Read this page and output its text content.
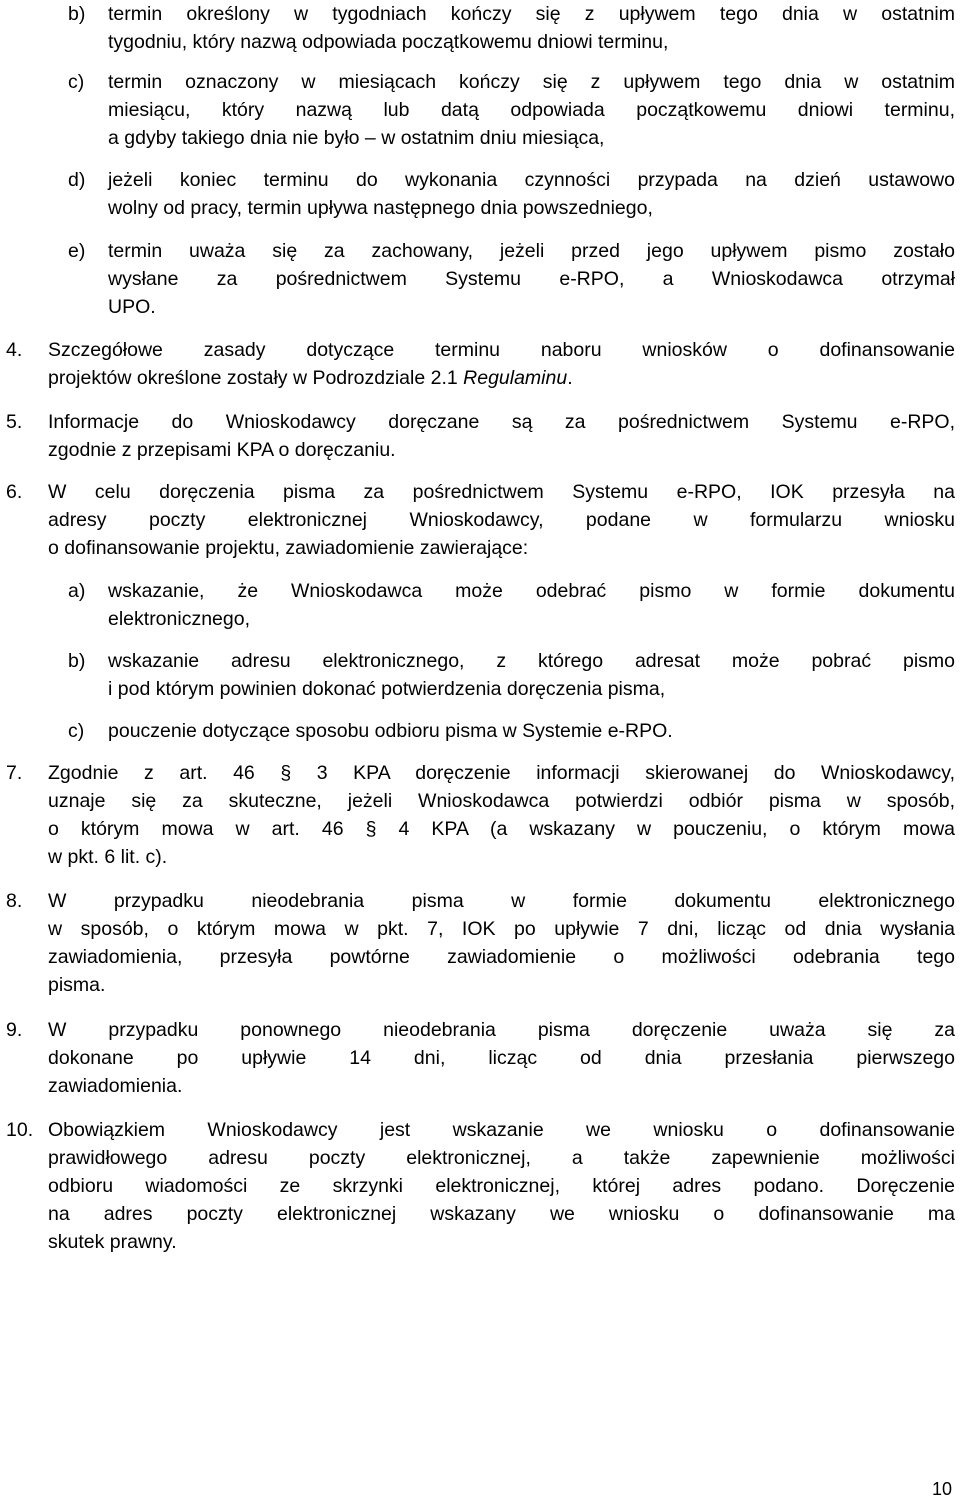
b) termin określony w tygodniach kończy się z upływem tego dnia w ostatnim
tygodniu, który nazwą odpowiada początkowemu dniowi terminu,
c) termin oznaczony w miesiącach kończy się z upływem tego dnia w ostatnim
miesiącu, który nazwą lub datą odpowiada początkowemu dniowi terminu,
a gdyby takiego dnia nie było – w ostatnim dniu miesiąca,
d) jeżeli koniec terminu do wykonania czynności przypada na dzień ustawowo
wolny od pracy, termin upływa następnego dnia powszedniego,
e) termin uważa się za zachowany, jeżeli przed jego upływem pismo zostało
wysłane za pośrednictwem Systemu e-RPO, a Wnioskodawca otrzymał
UPO.
4. Szczegółowe zasady dotyczące terminu naboru wniosków o dofinansowanie
projektów określone zostały w Podrozdziale 2.1 Regulaminu.
5. Informacje do Wnioskodawcy doręczane są za pośrednictwem Systemu e-RPO,
zgodnie z przepisami KPA o doręczaniu.
6. W celu doręczenia pisma za pośrednictwem Systemu e-RPO, IOK przesyła na
adresy poczty elektronicznej Wnioskodawcy, podane w formularzu wniosku
o dofinansowanie projektu, zawiadomienie zawierające:
a) wskazanie, że Wnioskodawca może odebrać pismo w formie dokumentu
elektronicznego,
b) wskazanie adresu elektronicznego, z którego adresat może pobrać pismo
i pod którym powinien dokonać potwierdzenia doręczenia pisma,
c) pouczenie dotyczące sposobu odbioru pisma w Systemie e-RPO.
7. Zgodnie z art. 46 § 3 KPA doręczenie informacji skierowanej do Wnioskodawcy,
uznaje się za skuteczne, jeżeli Wnioskodawca potwierdzi odbiór pisma w sposób,
o którym mowa w art. 46 § 4 KPA (a wskazany w pouczeniu, o którym mowa
w pkt. 6 lit. c).
8. W przypadku nieodebrania pisma w formie dokumentu elektronicznego
w sposób, o którym mowa w pkt. 7, IOK po upływie 7 dni, licząc od dnia wysłania
zawiadomienia, przesyła powtórne zawiadomienie o możliwości odebrania tego
pisma.
9. W przypadku ponownego nieodebrania pisma doręczenie uważa się za
dokonane po upływie 14 dni, licząc od dnia przesłania pierwszego
zawiadomienia.
10. Obowiązkiem Wnioskodawcy jest wskazanie we wniosku o dofinansowanie
prawidłowego adresu poczty elektronicznej, a także zapewnienie możliwości
odbioru wiadomości ze skrzynki elektronicznej, której adres podano. Doręczenie
na adres poczty elektronicznej wskazany we wniosku o dofinansowanie ma
skutek prawny.
10
